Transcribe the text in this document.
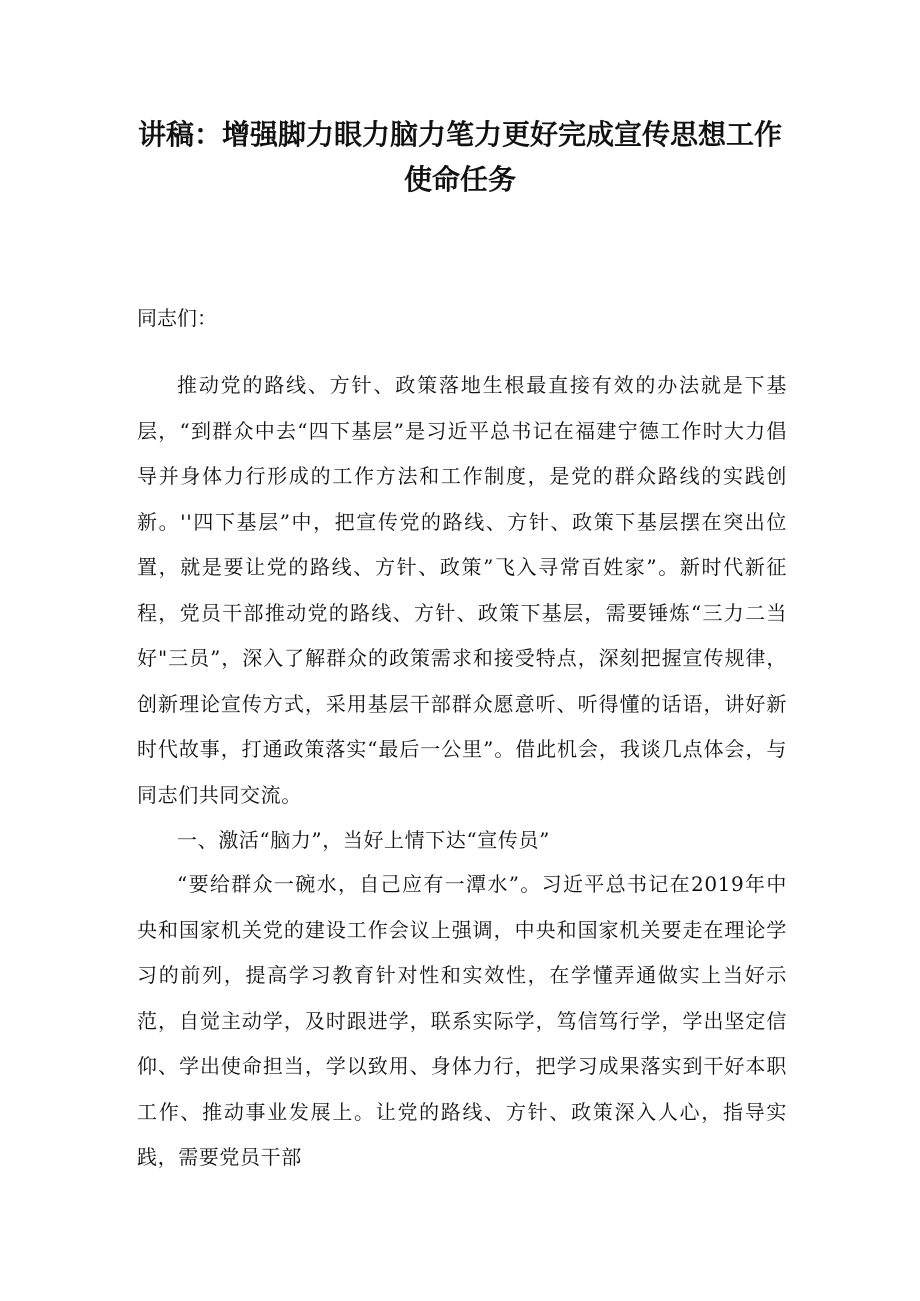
讲稿：增强脚力眼力脑力笔力更好完成宣传思想工作
使命任务
同志们：

推动党的路线、方针、政策落地生根最直接有效的办法就是下基层，“到群众中去“四下基层”是习近平总书记在福建宁德工作时大力倡导并身体力行形成的工作方法和工作制度，是党的群众路线的实践创新。''四下基层”中，把宣传党的路线、方针、政策下基层摆在突出位置，就是要让党的路线、方针、政策”飞入寻常百姓家”。新时代新征程，党员干部推动党的路线、方针、政策下基层，需要锤炼“三力二当好"三员”，深入了解群众的政策需求和接受特点，深刻把握宣传规律，创新理论宣传方式，采用基层干部群众愿意听、听得懂的话语，讲好新时代故事，打通政策落实“最后一公里”。借此机会，我谈几点体会，与同志们共同交流。

一、激活“脑力”，当好上情下达“宣传员”

“要给群众一碗水，自己应有一潭水”。习近平总书记在2019年中央和国家机关党的建设工作会议上强调，中央和国家机关要走在理论学习的前列，提高学习教育针对性和实效性，在学懂弄通做实上当好示范，自觉主动学，及时跟进学，联系实际学，笃信笃行学，学出坚定信仰、学出使命担当，学以致用、身体力行，把学习成果落实到干好本职工作、推动事业发展上。让党的路线、方针、政策深入人心，指导实践，需要党员干部
